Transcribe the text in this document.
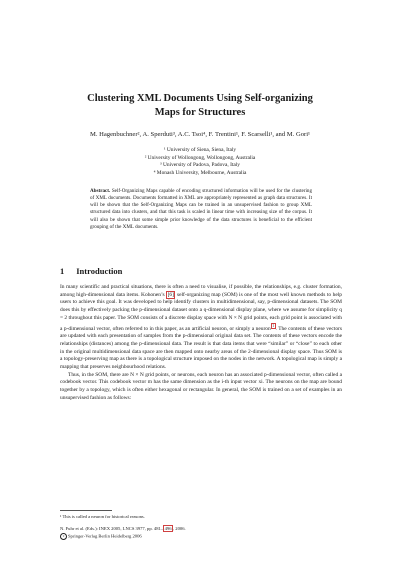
Clustering XML Documents Using Self-organizing
Maps for Structures
M. Hagenbuchner², A. Sperduti³, A.C. Tsoi⁴, F. Trentini¹, F. Scarselli¹, and M. Gori¹
¹ University of Siena, Siena, Italy
² University of Wollongong, Wollongong, Australia
³ University of Padova, Padova, Italy
⁴ Monash University, Melbourne, Australia
Abstract. Self-Organizing Maps capable of encoding structured information will be used for the clustering of XML documents. Documents formatted in XML are appropriately represented as graph data structures. It will be shown that the Self-Organizing Maps can be trained in an unsupervised fashion to group XML structured data into clusters, and that this task is scaled in linear time with increasing size of the corpus. It will also be shown that some simple prior knowledge of the data structures is beneficial to the efficient grouping of the XML documents.
1 Introduction

In many scientific and practical situations, there is often a need to visualise, if possible, the relationships, e.g. cluster formation, among high-dimensional data items. Kohonen’s [6] self-organizing map (SOM) is one of the most well known methods to help users to achieve this goal. It was developed to help identify clusters in multidimensional, say, p-dimensional datasets. The SOM does this by effectively packing the p-dimensional dataset onto a q-dimensional display plane, where we assume for simplicity q = 2 throughout this paper. The SOM consists of a discrete display space with N × N grid points, each grid point is associated with a p-dimensional vector, often referred to in this paper, as an artificial neuron, or simply a neuron $^1$ . The contents of these vectors are updated with each presentation of samples from the p-dimensional original data set. The contents of these vectors encode the relationships (distances) among the p-dimensional data. The result is that data items that were “similar” or “close” to each other in the original multidimensional data space are then mapped onto nearby areas of the 2-dimensional display space. Thus SOM is a topology-preserving map as there is a topological structure imposed on the nodes in the network. A topological map is simply a mapping that preserves neighbourhood relations.

Thus, in the SOM, there are N × N grid points, or neurons, each neuron has an associated p-dimensional vector, often called a codebook vector. This codebook vector m has the same dimension as the i-th input vector xi. The neurons on the map are bound together by a topology, which is often either hexagonal or rectangular. In general, the SOM is trained on a set of examples in an unsupervised fashion as follows:

¹ This is called a neuron for historical reasons.
N. Fuhr et al. (Eds.): INEX 2005, LNCS 3977, pp. 481– 496 , 2006.
c Springer-Verlag Berlin Heidelberg 2006
